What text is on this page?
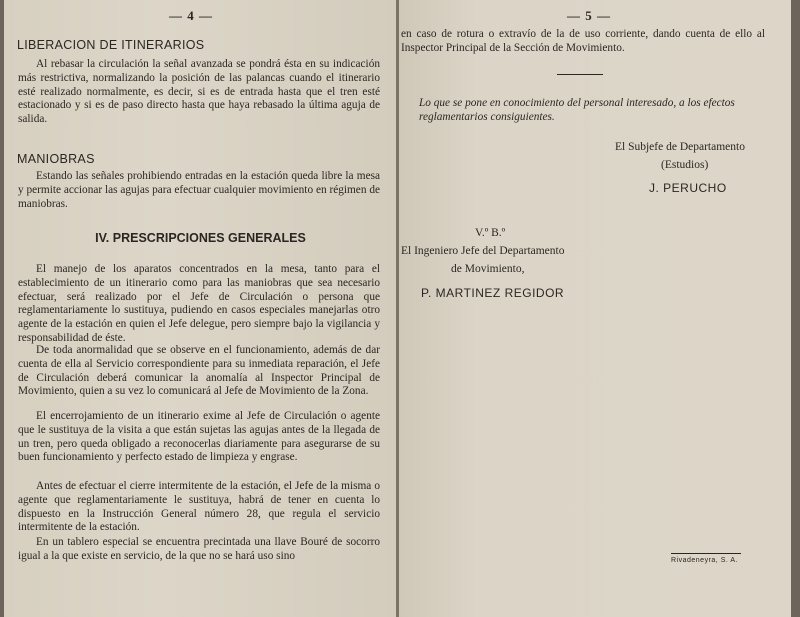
— 4 —
LIBERACION DE ITINERARIOS
Al rebasar la circulación la señal avanzada se pondrá ésta en su indicación más restrictiva, normalizando la posición de las palancas cuando el itinerario esté realizado normalmente, es decir, si es de entrada hasta que el tren esté estacionado y si es de paso directo hasta que haya rebasado la última aguja de salida.
MANIOBRAS
Estando las señales prohibiendo entradas en la estación queda libre la mesa y permite accionar las agujas para efectuar cualquier movimiento en régimen de maniobras.
IV. PRESCRIPCIONES GENERALES
El manejo de los aparatos concentrados en la mesa, tanto para el establecimiento de un itinerario como para las maniobras que sea necesario efectuar, será realizado por el Jefe de Circulación o persona que reglamentariamente lo sustituya, pudiendo en casos especiales manejarlas otro agente de la estación en quien el Jefe delegue, pero siempre bajo la vigilancia y responsabilidad de éste.
De toda anormalidad que se observe en el funcionamiento, además de dar cuenta de ella al Servicio correspondiente para su inmediata reparación, el Jefe de Circulación deberá comunicar la anomalía al Inspector Principal de Movimiento, quien a su vez lo comunicará al Jefe de Movimiento de la Zona.
El encerrojamiento de un itinerario exime al Jefe de Circulación o agente que le sustituya de la visita a que están sujetas las agujas antes de la llegada de un tren, pero queda obligado a reconocerlas diariamente para asegurarse de su buen funcionamiento y perfecto estado de limpieza y engrase.
Antes de efectuar el cierre intermitente de la estación, el Jefe de la misma o agente que reglamentariamente le sustituya, habrá de tener en cuenta lo dispuesto en la Instrucción General número 28, que regula el servicio intermitente de la estación.
En un tablero especial se encuentra precintada una llave Bouré de socorro igual a la que existe en servicio, de la que no se hará uso sino
— 5 —
en caso de rotura o extravío de la de uso corriente, dando cuenta de ello al Inspector Principal de la Sección de Movimiento.
Lo que se pone en conocimiento del personal interesado, a los efectos reglamentarios consiguientes.
El Subjefe de Departamento
(Estudios)
J. PERUCHO
V.º B.º
El Ingeniero Jefe del Departamento
de Movimiento,
P. MARTINEZ REGIDOR
Rivadeneyra, S. A.
